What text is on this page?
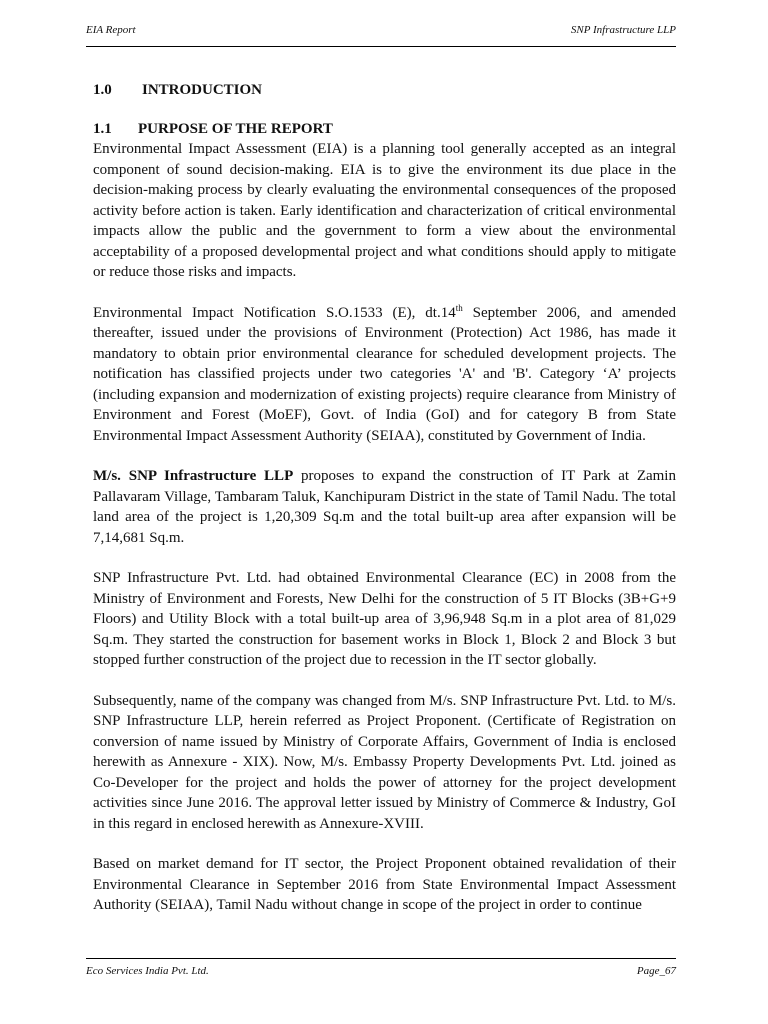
EIA Report	SNP Infrastructure LLP
1.0 INTRODUCTION
1.1 PURPOSE OF THE REPORT

Environmental Impact Assessment (EIA) is a planning tool generally accepted as an integral component of sound decision-making. EIA is to give the environment its due place in the decision-making process by clearly evaluating the environmental consequences of the proposed activity before action is taken. Early identification and characterization of critical environmental impacts allow the public and the government to form a view about the environmental acceptability of a proposed developmental project and what conditions should apply to mitigate or reduce those risks and impacts.

Environmental Impact Notification S.O.1533 (E), dt.14th September 2006, and amended thereafter, issued under the provisions of Environment (Protection) Act 1986, has made it mandatory to obtain prior environmental clearance for scheduled development projects. The notification has classified projects under two categories 'A' and 'B'. Category ‘A’ projects (including expansion and modernization of existing projects) require clearance from Ministry of Environment and Forest (MoEF), Govt. of India (GoI) and for category B from State Environmental Impact Assessment Authority (SEIAA), constituted by Government of India.

M/s. SNP Infrastructure LLP proposes to expand the construction of IT Park at Zamin Pallavaram Village, Tambaram Taluk, Kanchipuram District in the state of Tamil Nadu. The total land area of the project is 1,20,309 Sq.m and the total built-up area after expansion will be 7,14,681 Sq.m.

SNP Infrastructure Pvt. Ltd. had obtained Environmental Clearance (EC) in 2008 from the Ministry of Environment and Forests, New Delhi for the construction of 5 IT Blocks (3B+G+9 Floors) and Utility Block with a total built-up area of 3,96,948 Sq.m in a plot area of 81,029 Sq.m. They started the construction for basement works in Block 1, Block 2 and Block 3 but stopped further construction of the project due to recession in the IT sector globally.

Subsequently, name of the company was changed from M/s. SNP Infrastructure Pvt. Ltd. to M/s. SNP Infrastructure LLP, herein referred as Project Proponent. (Certificate of Registration on conversion of name issued by Ministry of Corporate Affairs, Government of India is enclosed herewith as Annexure - XIX). Now, M/s. Embassy Property Developments Pvt. Ltd. joined as Co-Developer for the project and holds the power of attorney for the project development activities since June 2016. The approval letter issued by Ministry of Commerce & Industry, GoI in this regard in enclosed herewith as Annexure-XVIII.

Based on market demand for IT sector, the Project Proponent obtained revalidation of their Environmental Clearance in September 2016 from State Environmental Impact Assessment Authority (SEIAA), Tamil Nadu without change in scope of the project in order to continue

Eco Services India Pvt. Ltd.	Page_67
